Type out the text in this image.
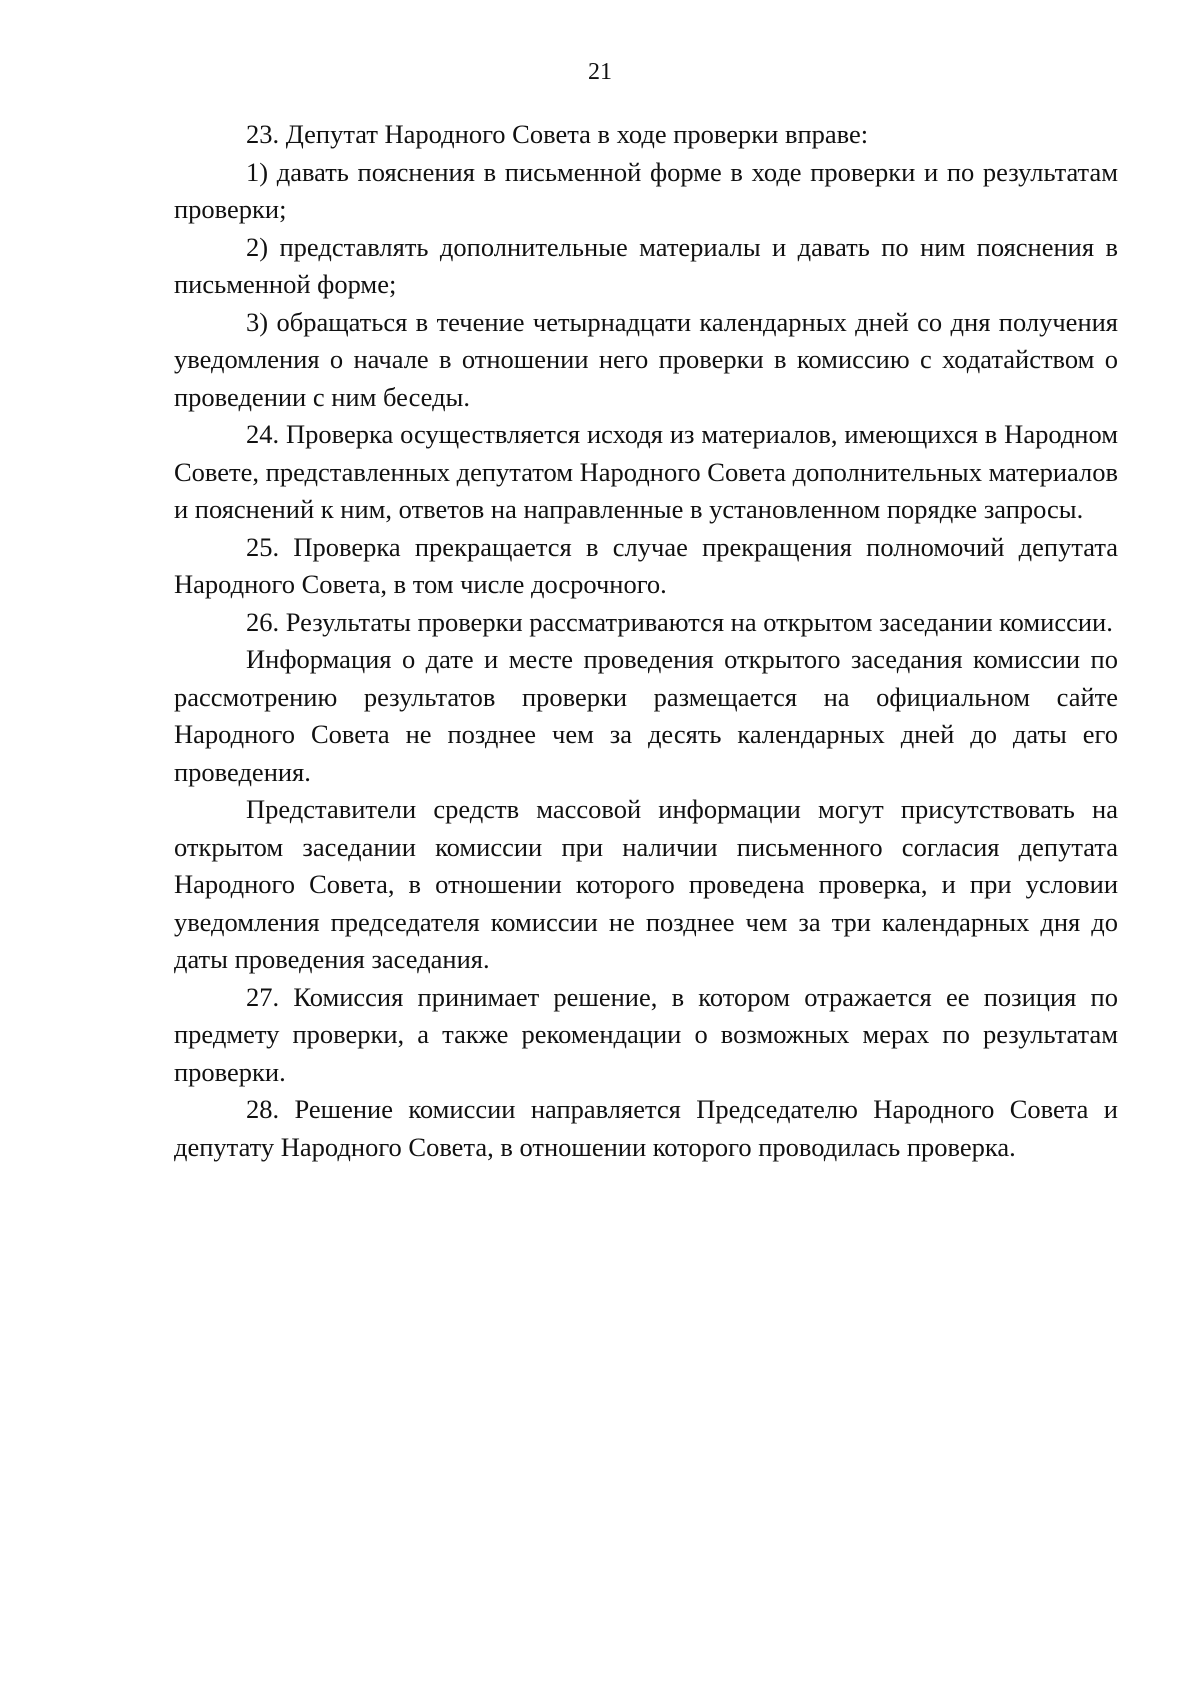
21

23. Депутат Народного Совета в ходе проверки вправе:

1) давать пояснения в письменной форме в ходе проверки и по результатам проверки;

2) представлять дополнительные материалы и давать по ним пояснения в письменной форме;

3) обращаться в течение четырнадцати календарных дней со дня получения уведомления о начале в отношении него проверки в комиссию с ходатайством о проведении с ним беседы.

24. Проверка осуществляется исходя из материалов, имеющихся в Народном Совете, представленных депутатом Народного Совета дополнительных материалов и пояснений к ним, ответов на направленные в установленном порядке запросы.

25. Проверка прекращается в случае прекращения полномочий депутата Народного Совета, в том числе досрочного.

26. Результаты проверки рассматриваются на открытом заседании комиссии.

Информация о дате и месте проведения открытого заседания комиссии по рассмотрению результатов проверки размещается на официальном сайте Народного Совета не позднее чем за десять календарных дней до даты его проведения.

Представители средств массовой информации могут присутствовать на открытом заседании комиссии при наличии письменного согласия депутата Народного Совета, в отношении которого проведена проверка, и при условии уведомления председателя комиссии не позднее чем за три календарных дня до даты проведения заседания.

27. Комиссия принимает решение, в котором отражается ее позиция по предмету проверки, а также рекомендации о возможных мерах по результатам проверки.

28. Решение комиссии направляется Председателю Народного Совета и депутату Народного Совета, в отношении которого проводилась проверка.
